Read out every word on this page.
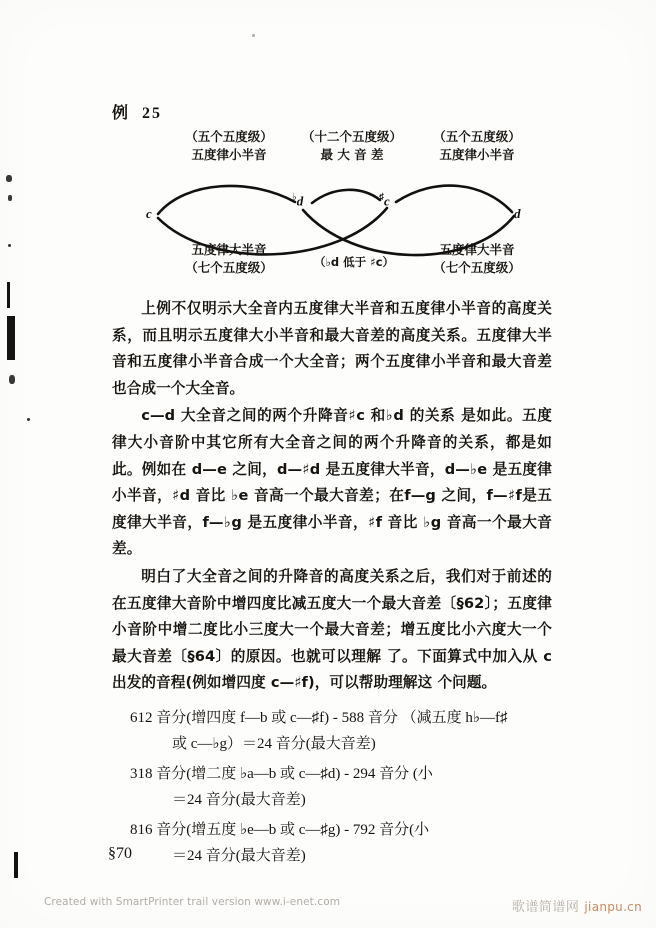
例 25
（五个五度级）
五度律小半音
（十二个五度级）
最 大 音 差
（五个五度级）
五度律小半音
c
♭d	♯c
d
五度律大半音
（七个五度级）	（♭d 低于 ♯c）
五度律大半音
（七个五度级）

上例不仅明示大全音内五度律大半音和五度律小半音的高度关系，而且明示五度律大小半音和最大音差的高度关系。五度律大半音和五度律小半音合成一个大全音；两个五度律小半音和最大音差也合成一个大全音。

c—d 大全音之间的两个升降音♯c 和♭d 的关系 是如此。五度律大小音阶中其它所有大全音之间的两个升降音的关系，都是如此。例如在 d—e 之间，d—♯d 是五度律大半音，d—♭e 是五度律小半音，♯d 音比 ♭e 音高一个最大音差；在f—g 之间，f—♯f是五度律大半音，f—♭g 是五度律小半音，♯f 音比 ♭g 音高一个最大音差。

明白了大全音之间的升降音的高度关系之后，我们对于前述的在五度律大音阶中增四度比减五度大一个最大音差〔§62〕；五度律小音阶中增二度比小三度大一个最大音差；增五度比小六度大一个最大音差〔§64〕的原因。也就可以理解 了。下面算式中加入从 c 出发的音程(例如增四度 c—♯f)，可以帮助理解这 个问题。

612 音分(增四度 f—b 或 c—♯f) - 588 音分 （减五度 h♭—f♯
或 c—♭g）＝24 音分(最大音差)
318 音分(增二度 ♭a—b 或 c—♯d) - 294 音分 (小
＝24 音分(最大音差)
816 音分(增五度 ♭e—b 或 c—♯g) - 792 音分(小
＝24 音分(最大音差)
§70
Created with SmartPrinter trail version www.i-enet.com	歌谱简谱网 jianpu.cn
